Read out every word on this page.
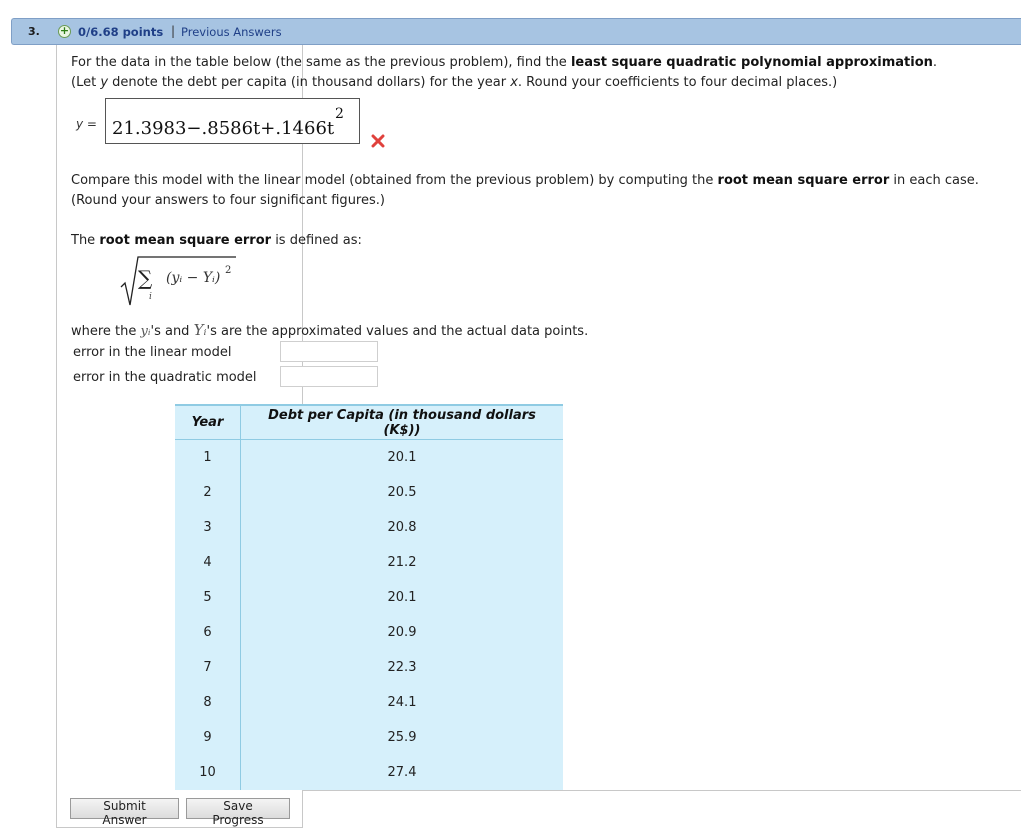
3. + 0/6.68 points | Previous Answers
For the data in the table below (the same as the previous problem), find the least square quadratic polynomial approximation.
(Let y denote the debt per capita (in thousand dollars) for the year x. Round your coefficients to four decimal places.)
y = 21.3983−.8586t+.1466t
2
Compare this model with the linear model (obtained from the previous problem) by computing the root mean square error in each case.
(Round your answers to four significant figures.)
The root mean square error is defined as:
∑
i
(yᵢ − Yᵢ) 2
where the yᵢ's and Yᵢ's are the approximated values and the actual data points.
error in the linear model
error in the quadratic model
Year	Debt per Capita (in thousand dollars (K$))
1	20.1
2	20.5
3	20.8
4	21.2
5	20.1
6	20.9
7	22.3
8	24.1
9	25.9
10	27.4
Submit Answer
Save Progress
